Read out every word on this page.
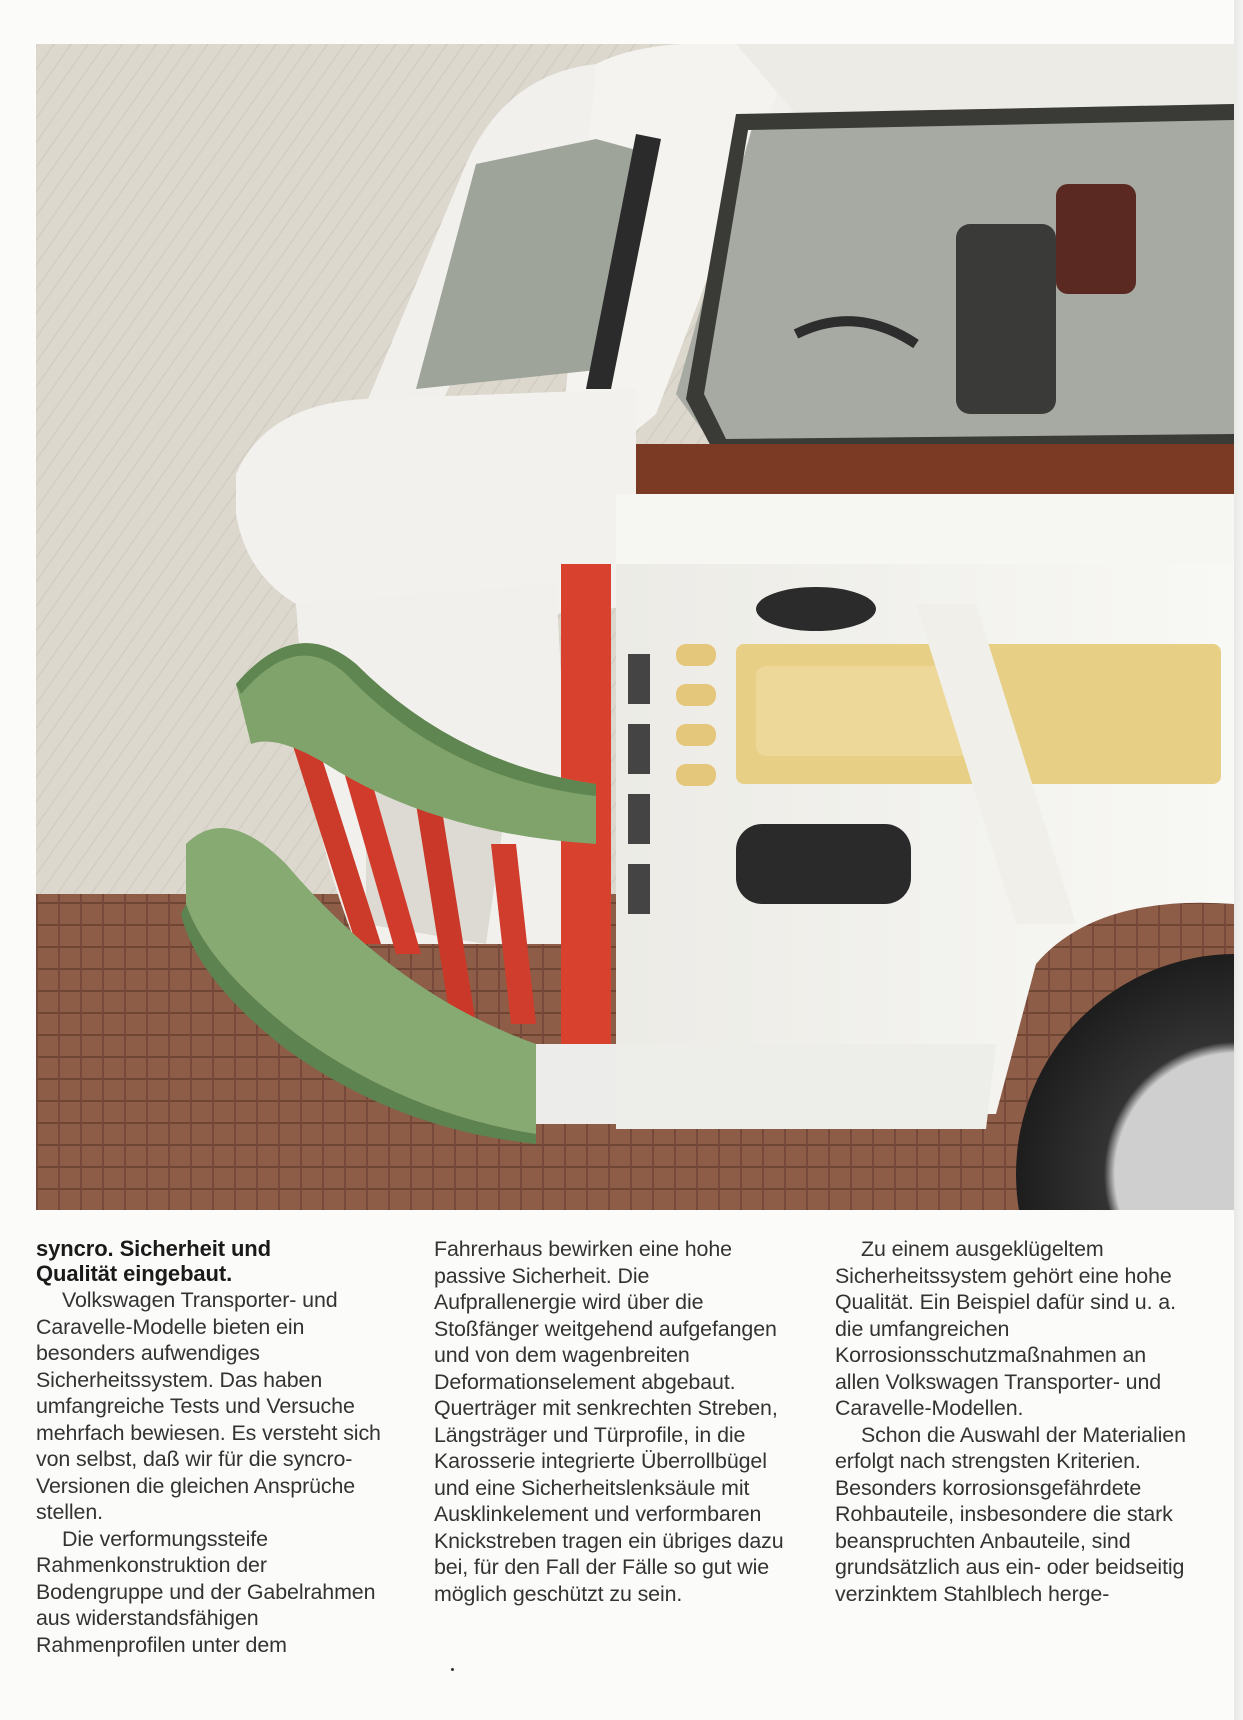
syncro. Sicherheit und
Qualität eingebaut.

Volkswagen Transporter- und Caravelle-Modelle bieten ein besonders aufwendiges Sicherheitssystem. Das haben umfangreiche Tests und Versuche mehrfach bewiesen. Es versteht sich von selbst, daß wir für die syncro-Versionen die gleichen Ansprüche stellen.

Die verformungssteife Rahmenkonstruktion der Bodengruppe und der Gabelrahmen aus widerstandsfähigen Rahmenprofilen unter dem

Fahrerhaus bewirken eine hohe passive Sicherheit. Die Aufprallenergie wird über die Stoßfänger weitgehend aufgefangen und von dem wagenbreiten Deformationselement abgebaut. Querträger mit senkrechten Streben, Längsträger und Türprofile, in die Karosserie integrierte Überrollbügel und eine Sicherheitslenksäule mit Ausklinkelement und verformbaren Knickstreben tragen ein übriges dazu bei, für den Fall der Fälle so gut wie möglich geschützt zu sein.

Zu einem ausgeklügeltem Sicherheitssystem gehört eine hohe Qualität. Ein Beispiel dafür sind u. a. die umfangreichen Korrosionsschutzmaßnahmen an allen Volkswagen Transporter- und Caravelle-Modellen.

Schon die Auswahl der Materialien erfolgt nach strengsten Kriterien. Besonders korrosionsgefährdete Rohbauteile, insbesondere die stark beanspruchten Anbauteile, sind grundsätzlich aus ein- oder beidseitig verzinktem Stahlblech herge-
